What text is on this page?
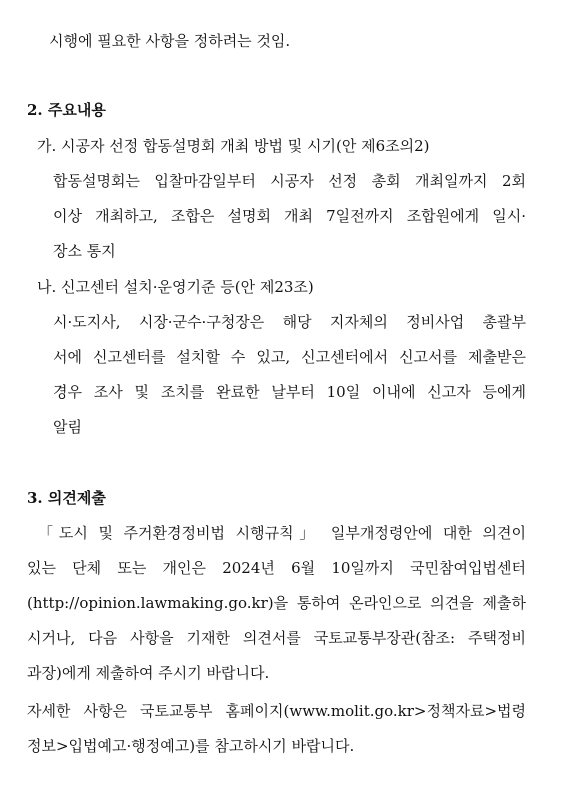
시행에 필요한 사항을 정하려는 것임.
2. 주요내용
가. 시공자 선정 합동설명회 개최 방법 및 시기(안 제6조의2)
합동설명회는 입찰마감일부터 시공자 선정 총회 개최일까지 2회
이상 개최하고, 조합은 설명회 개최 7일전까지 조합원에게 일시·
장소 통지
나. 신고센터 설치·운영기준 등(안 제23조)
시·도지사, 시장·군수·구청장은 해당 지자체의 정비사업 총괄부
서에 신고센터를 설치할 수 있고, 신고센터에서 신고서를 제출받은
경우 조사 및 조치를 완료한 날부터 10일 이내에 신고자 등에게
알림
3. 의견제출
「도시 및 주거환경정비법 시행규칙」 일부개정령안에 대한 의견이
있는 단체 또는 개인은 2024년 6월 10일까지 국민참여입법센터
(http://opinion.lawmaking.go.kr)을 통하여 온라인으로 의견을 제출하
시거나, 다음 사항을 기재한 의견서를 국토교통부장관(참조: 주택정비
과장)에게 제출하여 주시기 바랍니다.
자세한 사항은 국토교통부 홈페이지(www.molit.go.kr>정책자료>법령
정보>입법예고·행정예고)를 참고하시기 바랍니다.
